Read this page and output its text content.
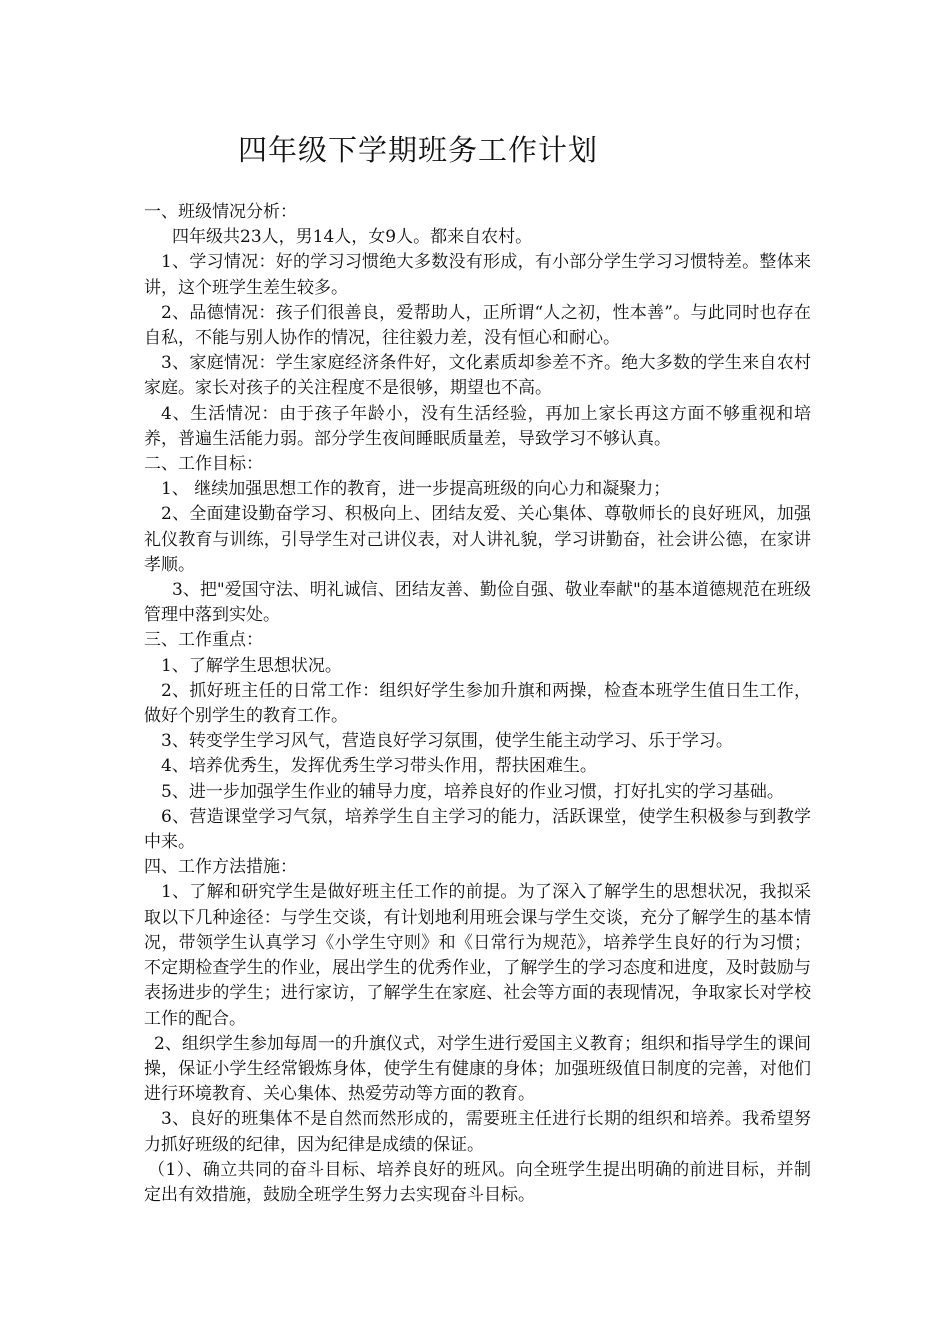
四年级下学期班务工作计划

一、班级情况分析：

四年级共23人，男14人，女9人。都来自农村。

1、学习情况：好的学习习惯绝大多数没有形成，有小部分学生学习习惯特差。整体来讲，这个班学生差生较多。

2、品德情况：孩子们很善良，爱帮助人，正所谓“人之初，性本善”。与此同时也存在自私，不能与别人协作的情况，往往毅力差，没有恒心和耐心。

3、家庭情况：学生家庭经济条件好，文化素质却参差不齐。绝大多数的学生来自农村家庭。家长对孩子的关注程度不是很够，期望也不高。

4、生活情况：由于孩子年龄小，没有生活经验，再加上家长再这方面不够重视和培养，普遍生活能力弱。部分学生夜间睡眠质量差，导致学习不够认真。

二、工作目标：

1、 继续加强思想工作的教育，进一步提高班级的向心力和凝聚力；

2、全面建设勤奋学习、积极向上、团结友爱、关心集体、尊敬师长的良好班风，加强礼仪教育与训练，引导学生对己讲仪表，对人讲礼貌，学习讲勤奋，社会讲公德，在家讲孝顺。

3、把"爱国守法、明礼诚信、团结友善、勤俭自强、敬业奉献"的基本道德规范在班级管理中落到实处。

三、工作重点：

1、了解学生思想状况。

2、抓好班主任的日常工作：组织好学生参加升旗和两操，检查本班学生值日生工作，做好个别学生的教育工作。

3、转变学生学习风气，营造良好学习氛围，使学生能主动学习、乐于学习。

4、培养优秀生，发挥优秀生学习带头作用，帮扶困难生。

5、进一步加强学生作业的辅导力度，培养良好的作业习惯，打好扎实的学习基础。

6、营造课堂学习气氛，培养学生自主学习的能力，活跃课堂，使学生积极参与到教学中来。

四、工作方法措施：

1、了解和研究学生是做好班主任工作的前提。为了深入了解学生的思想状况，我拟采取以下几种途径：与学生交谈，有计划地利用班会课与学生交谈，充分了解学生的基本情况，带领学生认真学习《小学生守则》和《日常行为规范》，培养学生良好的行为习惯；不定期检查学生的作业，展出学生的优秀作业，了解学生的学习态度和进度，及时鼓励与表扬进步的学生；进行家访，了解学生在家庭、社会等方面的表现情况，争取家长对学校工作的配合。

2、组织学生参加每周一的升旗仪式，对学生进行爱国主义教育；组织和指导学生的课间操，保证小学生经常锻炼身体，使学生有健康的身体；加强班级值日制度的完善，对他们进行环境教育、关心集体、热爱劳动等方面的教育。

3、良好的班集体不是自然而然形成的，需要班主任进行长期的组织和培养。我希望努力抓好班级的纪律，因为纪律是成绩的保证。

（1）、确立共同的奋斗目标、培养良好的班风。向全班学生提出明确的前进目标，并制定出有效措施，鼓励全班学生努力去实现奋斗目标。
